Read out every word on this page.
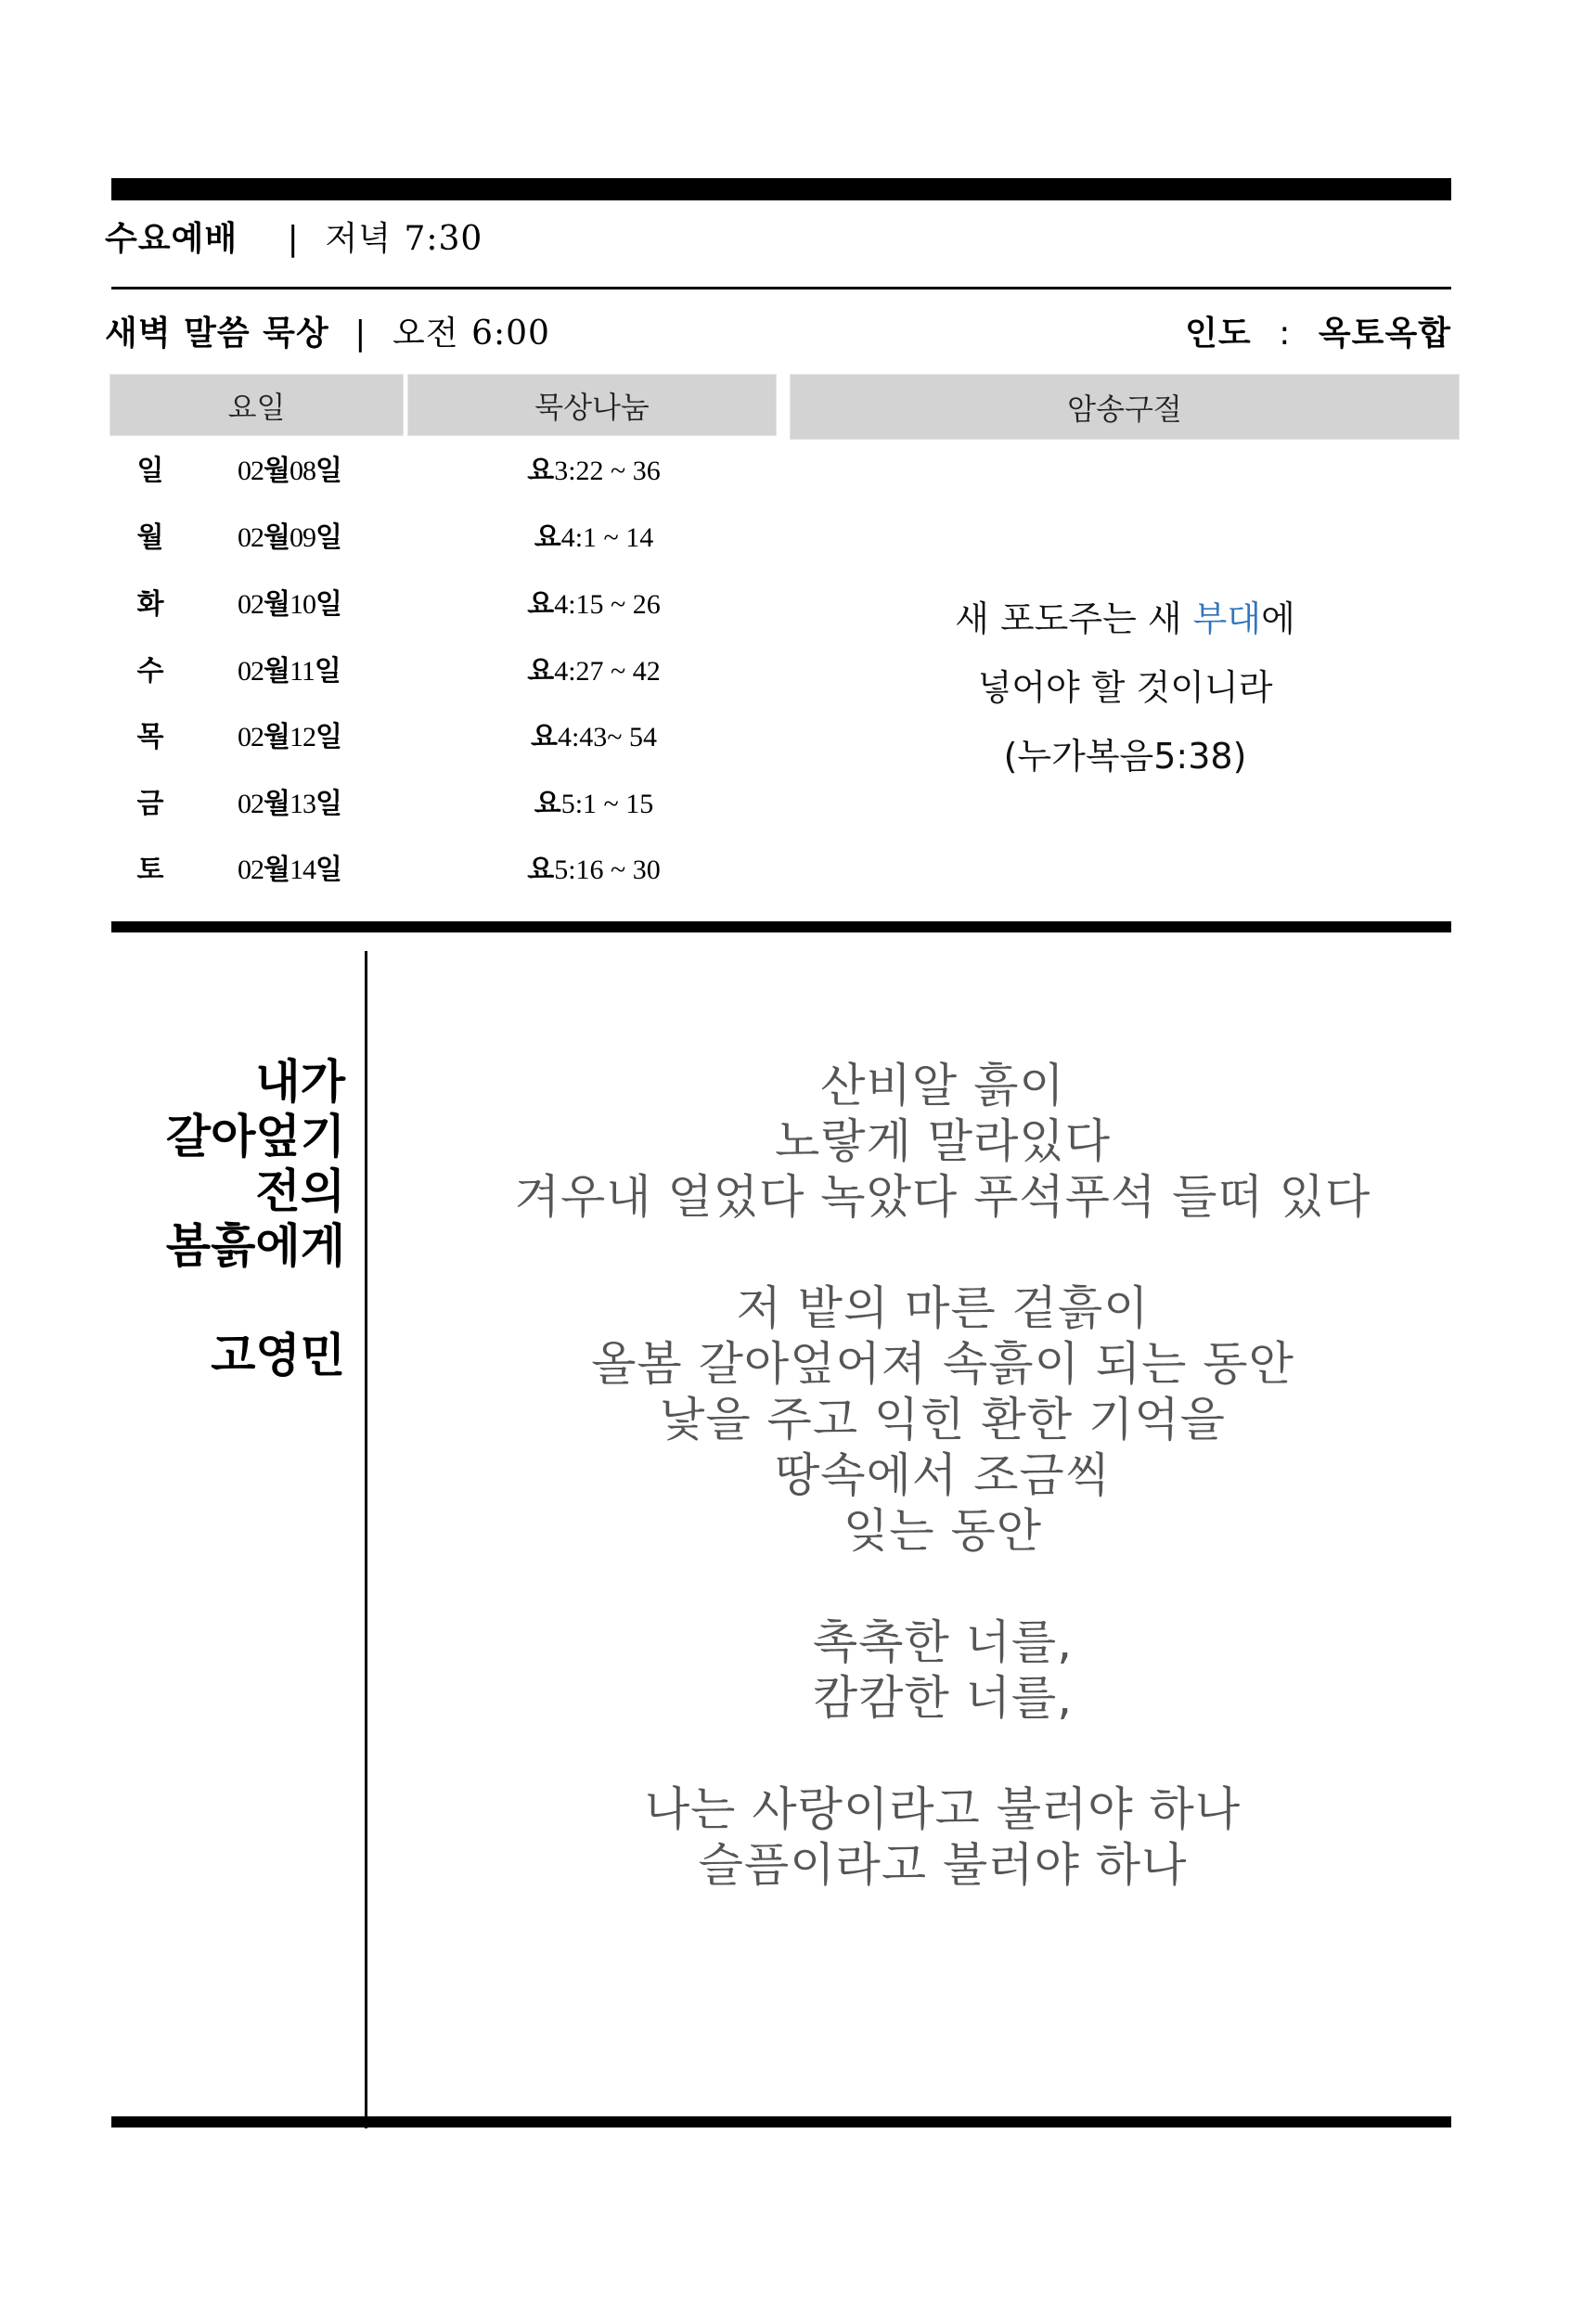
수요예배 | 저녁 7:30
새벽 말씀 묵상 | 오전 6:00	인도 : 옥토옥합
요일	묵상나눔	암송구절
일	02월08일	요3:22 ~ 36
월	02월09일	요4:1 ~ 14
화	02월10일	요4:15 ~ 26
수	02월11일	요4:27 ~ 42
목	02월12일	요4:43~ 54
금	02월13일	요5:1 ~ 15
토	02월14일	요5:16 ~ 30
새 포도주는 새 부대에
넣어야 할 것이니라
(누가복음5:38)
내가
갈아엎기
전의
봄흙에게
고영민
산비알 흙이
노랗게 말라있다
겨우내 얼었다 녹았다 푸석푸석 들떠 있다
저 밭의 마른 겉흙이
올봄 갈아엎어져 속흙이 되는 동안
낯을 주고 익힌 환한 기억을
땅속에서 조금씩
잊는 동안
촉촉한 너를,
캄캄한 너를,
나는 사랑이라고 불러야 하나
슬픔이라고 불러야 하나
